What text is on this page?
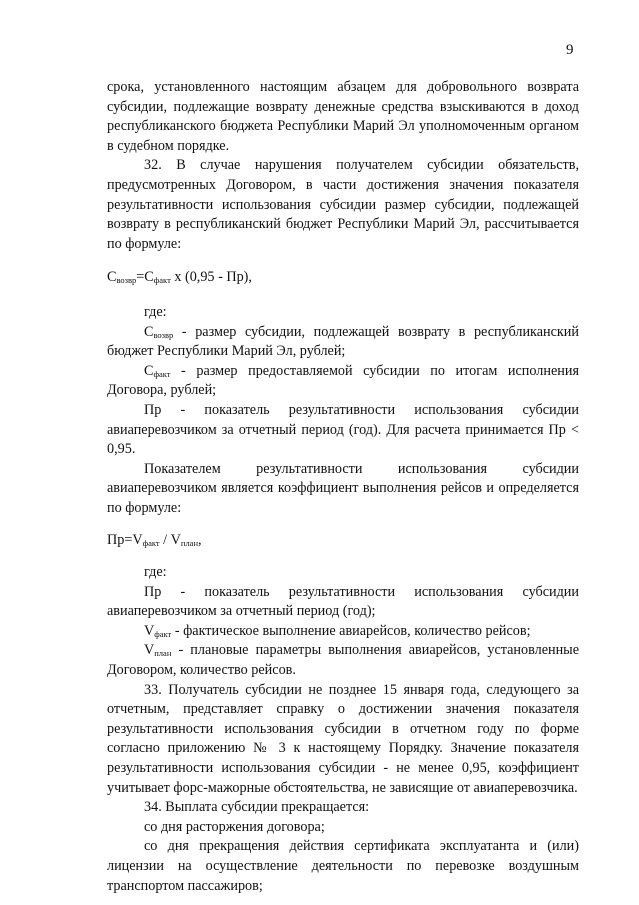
9

срока, установленного настоящим абзацем для добровольного возврата субсидии, подлежащие возврату денежные средства взыскиваются в доход республиканского бюджета Республики Марий Эл уполномоченным органом в судебном порядке.

32. В случае нарушения получателем субсидии обязательств, предусмотренных Договором, в части достижения значения показателя результативности использования субсидии размер субсидии, подлежащей возврату в республиканский бюджет Республики Марий Эл, рассчитывается по формуле:

$С_{возвр}=С_{факт}$ х (0,95 - Пр),

где:

$С_{возвр}$ - размер субсидии, подлежащей возврату в республиканский бюджет Республики Марий Эл, рублей;

$С_{факт}$ - размер предоставляемой субсидии по итогам исполнения Договора, рублей;

Пр - показатель результативности использования субсидии авиаперевозчиком за отчетный период (год). Для расчета принимается Пр < 0,95.

Показателем результативности использования субсидии авиаперевозчиком является коэффициент выполнения рейсов и определяется по формуле:

$Пр=V_{факт} / V_{план}$,

где:

Пр - показатель результативности использования субсидии авиаперевозчиком за отчетный период (год);

$V_{факт}$ - фактическое выполнение авиарейсов, количество рейсов;

$V_{план}$ - плановые параметры выполнения авиарейсов, установленные Договором, количество рейсов.

33. Получатель субсидии не позднее 15 января года, следующего за отчетным, представляет справку о достижении значения показателя результативности использования субсидии в отчетном году по форме согласно приложению № 3 к настоящему Порядку. Значение показателя результативности использования субсидии - не менее 0,95, коэффициент учитывает форс-мажорные обстоятельства, не зависящие от авиаперевозчика.

34. Выплата субсидии прекращается:

со дня расторжения договора;

со дня прекращения действия сертификата эксплуатанта и (или) лицензии на осуществление деятельности по перевозке воздушным транспортом пассажиров;
